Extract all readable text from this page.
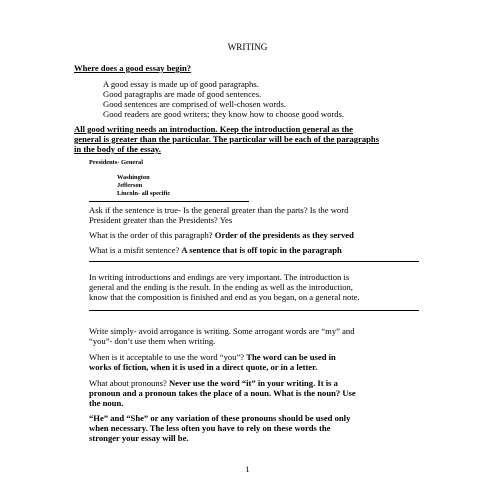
WRITING
Where does a good essay begin?
A good essay is made up of good paragraphs.
Good paragraphs are made of good sentences.
Good sentences are comprised of well-chosen words.
Good readers are good writers; they know how to choose good words.
All good writing needs an introduction. Keep the introduction general as the
general is greater than the particular. The particular will be each of the paragraphs
in the body of the essay.
Presidents- General
Washington
Jefferson
Lincoln- all specific
Ask if the sentence is true- Is the general greater than the parts? Is the word
President greater than the Presidents? Yes
What is the order of this paragraph? Order of the presidents as they served
What is a misfit sentence? A sentence that is off topic in the paragraph
In writing introductions and endings are very important. The introduction is
general and the ending is the result. In the ending as well as the introduction,
know that the composition is finished and end as you began, on a general note.
Write simply- avoid arrogance is writing. Some arrogant words are “my” and
“you”- don’t use them when writing.
When is it acceptable to use the word “you”? The word can be used in
works of fiction, when it is used in a direct quote, or in a letter.
What about pronouns? Never use the word “it” in your writing. It is a
pronoun and a pronoun takes the place of a noun. What is the noun? Use
the noun.
“He” and “She” or any variation of these pronouns should be used only
when necessary. The less often you have to rely on these words the
stronger your essay will be.
1
